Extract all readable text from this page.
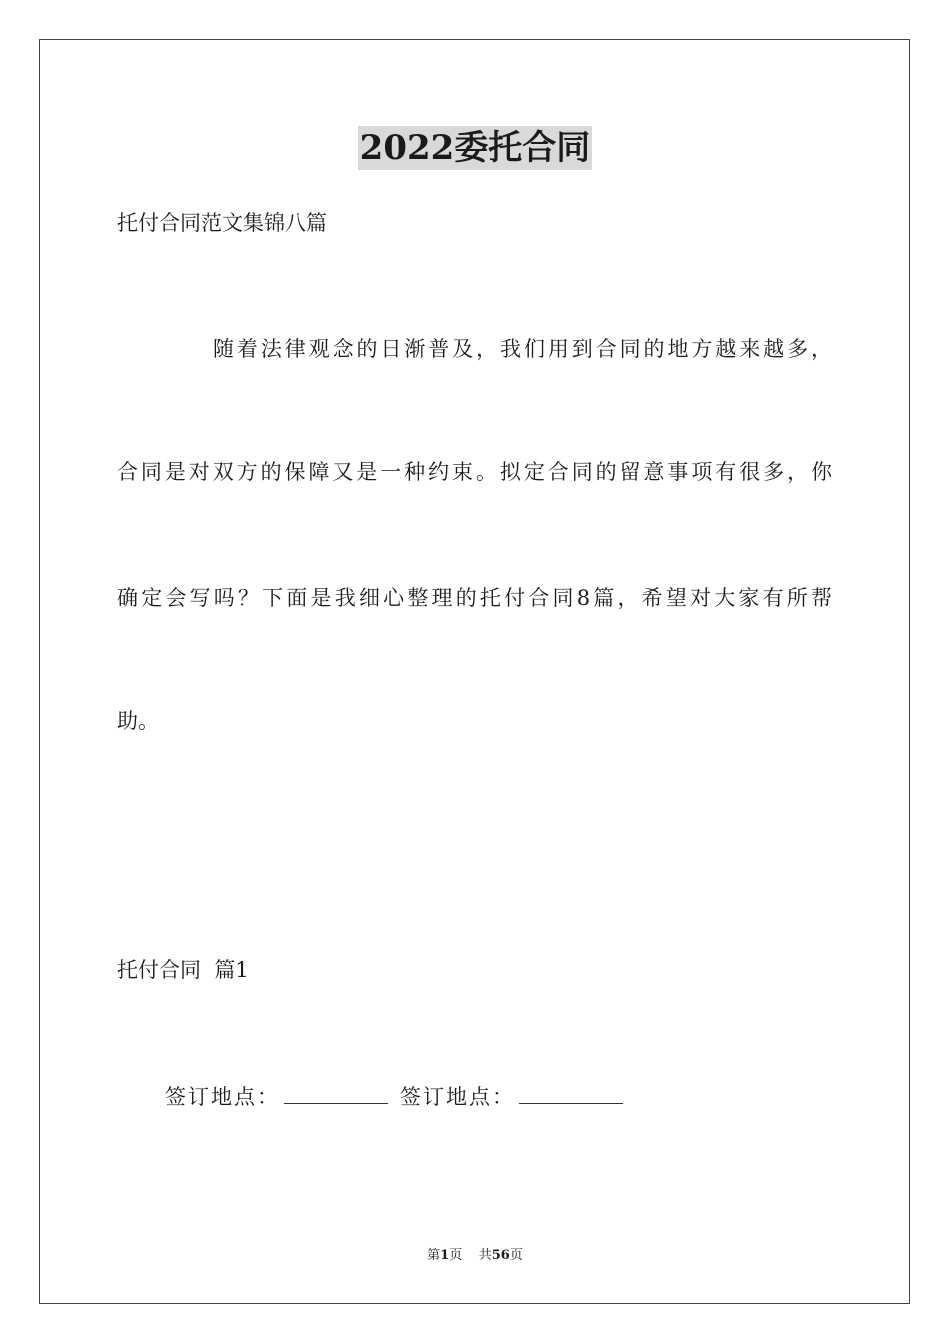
2022委托合同
托付合同范文集锦八篇
随着法律观念的日渐普及，我们用到合同的地方越来越多，
合同是对双方的保障又是一种约束。拟定合同的留意事项有很多，你
确定会写吗？下面是我细心整理的托付合同8篇，希望对大家有所帮
助。
托付合同  篇1
签订地点：	签订地点：
第1页 共56页
